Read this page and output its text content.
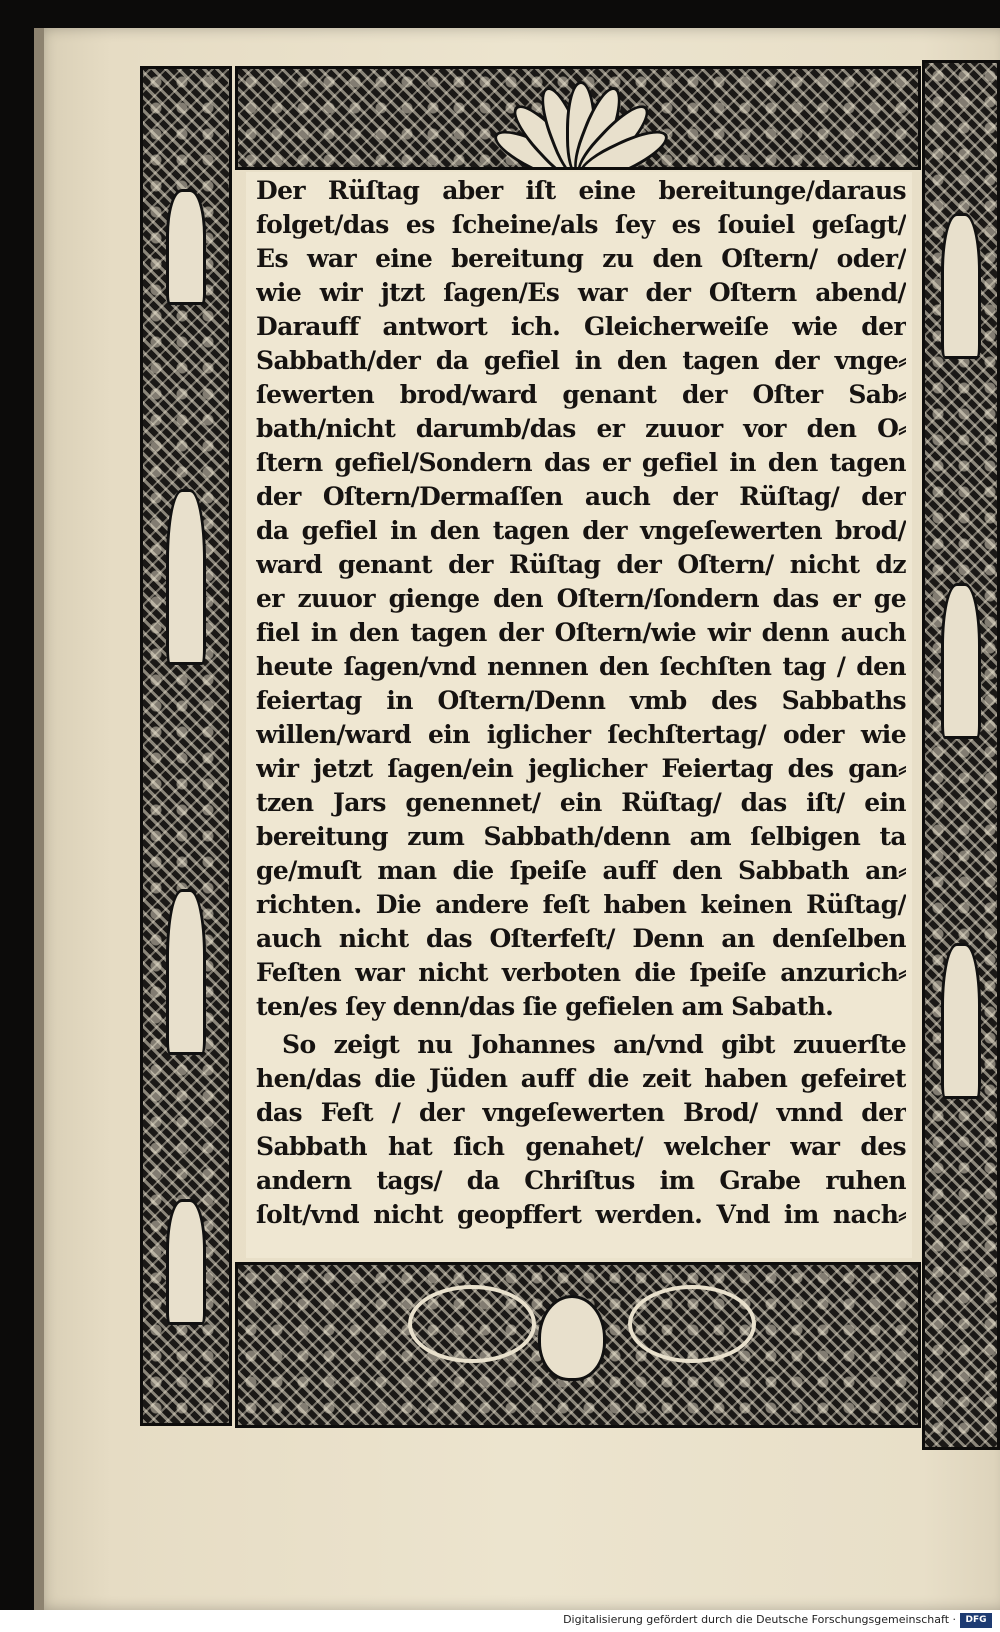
Der Rüſtag aber iſt eine bereitunge/daraus
folget/das es ſcheine/als ſey es ſouiel geſagt/
Es war eine bereitung zu den Oſtern/ oder/
wie wir jtzt ſagen/Es war der Oſtern abend/
Darauff antwort ich. Gleicherweiſe wie der
Sabbath/der da gefiel in den tagen der vnge⸗
ſewerten brod/ward genant der Oſter Sab⸗
bath/nicht darumb/das er zuuor vor den O⸗
ſtern gefiel/Sondern das er gefiel in den tagen
der Oſtern/Dermaſſen auch der Rüſtag/ der
da gefiel in den tagen der vngeſewerten brod/
ward genant der Rüſtag der Oſtern/ nicht dz
er zuuor gienge den Oſtern/ſondern das er ge
fiel in den tagen der Oſtern/wie wir denn auch
heute ſagen/vnd nennen den ſechſten tag / den
feiertag in Oſtern/Denn vmb des Sabbaths
willen/ward ein iglicher ſechſtertag/ oder wie
wir jetzt ſagen/ein jeglicher Feiertag des gan⸗
tzen Jars genennet/ ein Rüſtag/ das iſt/ ein
bereitung zum Sabbath/denn am ſelbigen ta
ge/muſt man die ſpeiſe auff den Sabbath an⸗
richten. Die andere feſt haben keinen Rüſtag/
auch nicht das Oſterfeſt/ Denn an denſelben
Feſten war nicht verboten die ſpeiſe anzurich⸗
ten/es ſey denn/das ſie gefielen am Sabath.
So zeigt nu Johannes an/vnd gibt zuuerſte
hen/das die Jüden auff die zeit haben gefeiret
das Feſt / der vngeſewerten Brod/ vnnd der
Sabbath hat ſich genahet/ welcher war des
andern tags/ da Chriſtus im Grabe ruhen
ſolt/vnd nicht geopffert werden. Vnd im nach⸗
Digitalisierung gefördert durch die Deutsche Forschungsgemeinschaft ·	DFG
